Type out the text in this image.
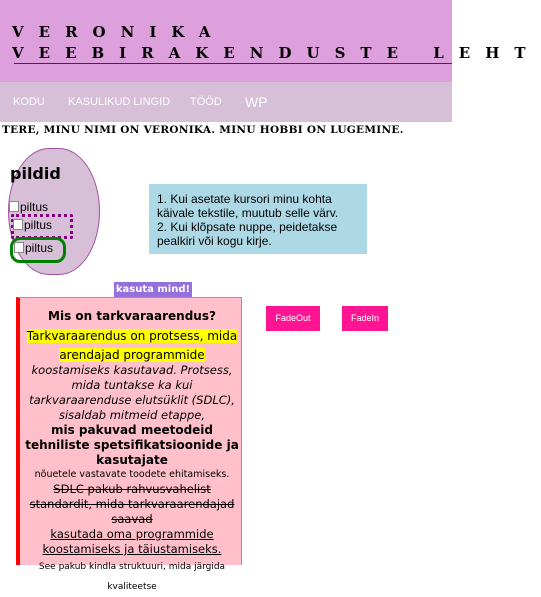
VERONIKA
VEEBIRAKENDUSTE LEHT
KODU KASULIKUD LINGID TÖÖD WP
TERE, MINU NIMI ON VERONIKA. MINU HOBBI ON LUGEMINE.
pildid
piltus
piltus
piltus
1. Kui asetate kursori minu kohta käivale tekstile, muutub selle värv.
2. Kui klõpsate nuppe, peidetakse pealkiri või kogu kirje.
kasuta mind!
Mis on tarkvaraarendus?
Tarkvaraarendus on protsess, mida arendajad programmide
koostamiseks kasutavad. Protsess, mida tuntakse ka kui tarkvaraarenduse elutsüklit (SDLC), sisaldab mitmeid etappe,
mis pakuvad meetodeid tehniliste spetsifikatsioonide ja kasutajate
nõuetele vastavate toodete ehitamiseks.
SDLC pakub rahvusvahelist standardit, mida tarkvaraarendajad saavad
kasutada oma programmide koostamiseks ja täiustamiseks.
See pakub kindla struktuuri, mida järgida kvaliteetse
FadeOut	FadeIn
